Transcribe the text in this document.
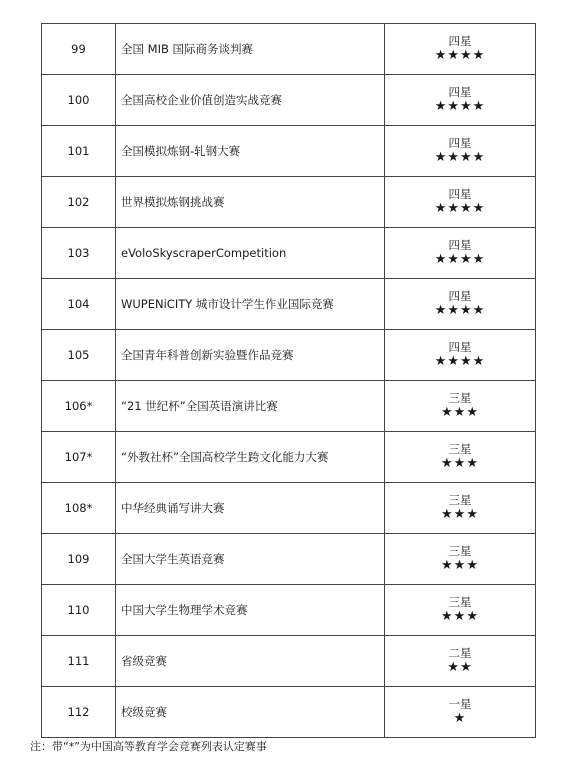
99	全国 MIB 国际商务谈判赛	四星
★★★★

100	全国高校企业价值创造实战竞赛	四星
★★★★

101	全国模拟炼钢-轧钢大赛	四星
★★★★

102	世界模拟炼钢挑战赛	四星
★★★★

103	eVoloSkyscraperCompetition	四星
★★★★

104	WUPENiCITY 城市设计学生作业国际竞赛	四星
★★★★

105	全国青年科普创新实验暨作品竞赛	四星
★★★★

106*	“21 世纪杯”全国英语演讲比赛	三星
★★★

107*	“外教社杯”全国高校学生跨文化能力大赛	三星
★★★

108*	中华经典诵写讲大赛	三星
★★★

109	全国大学生英语竞赛	三星
★★★

110	中国大学生物理学术竞赛	三星
★★★

111	省级竞赛	二星
★★

112	校级竞赛	一星
★
注：带“*”为中国高等教育学会竞赛列表认定赛事
